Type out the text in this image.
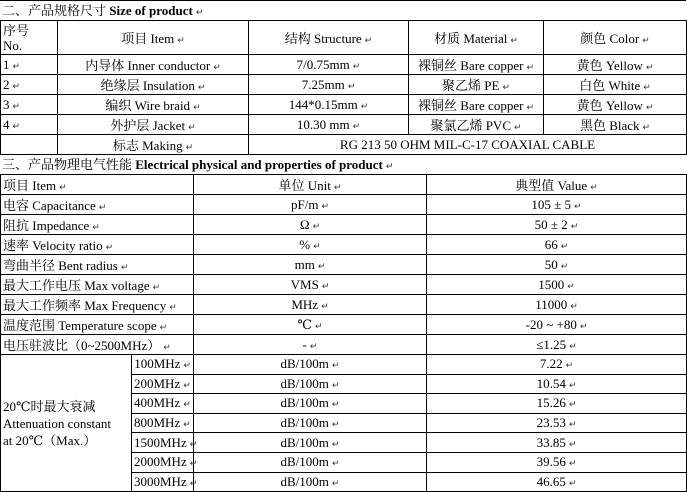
二、产品规格尺寸 Size of product ↵
序号
No.	项目 Item ↵	结构 Structure ↵	材质 Material ↵	颜色 Color ↵
1 ↵	内导体 Inner conductor ↵	7/0.75mm ↵	裸铜丝 Bare copper ↵	黄色 Yellow ↵
2 ↵	绝缘层 Insulation ↵	7.25mm ↵	聚乙烯 PE ↵	白色 White ↵
3 ↵	编织 Wire braid ↵	144*0.15mm ↵	裸铜丝 Bare copper ↵	黄色 Yellow ↵
4 ↵	外护层 Jacket ↵	10.30 mm ↵	聚氯乙烯 PVC ↵	黑色 Black ↵
	标志 Making ↵	RG 213 50 OHM MIL-C-17 COAXIAL CABLE		
三、产品物理电气性能 Electrical physical and properties of product ↵
项目 Item ↵		单位 Unit ↵	典型值 Value ↵
电容 Capacitance ↵		pF/m ↵	105 ± 5 ↵
阻抗 Impedance ↵		Ω ↵	50 ± 2 ↵
速率 Velocity ratio ↵		% ↵	66 ↵
弯曲半径 Bent radius ↵		mm ↵	50 ↵
最大工作电压 Max voltage ↵		VMS ↵	1500 ↵
最大工作频率 Max Frequency ↵		MHz ↵	11000 ↵
温度范围 Temperature scope ↵		℃ ↵	-20 ~ +80 ↵
电压驻波比（0~2500MHz） ↵		- ↵	≤1.25 ↵

20℃时最大衰减
Attenuation constant
at 20℃（Max.）	100MHz ↵	dB/100m ↵	7.22 ↵
	200MHz ↵	dB/100m ↵	10.54 ↵
	400MHz ↵	dB/100m ↵	15.26 ↵
	800MHz ↵	dB/100m ↵	23.53 ↵
	1500MHz ↵	dB/100m ↵	33.85 ↵
	2000MHz ↵	dB/100m ↵	39.56 ↵
	3000MHz ↵	dB/100m ↵	46.65 ↵
